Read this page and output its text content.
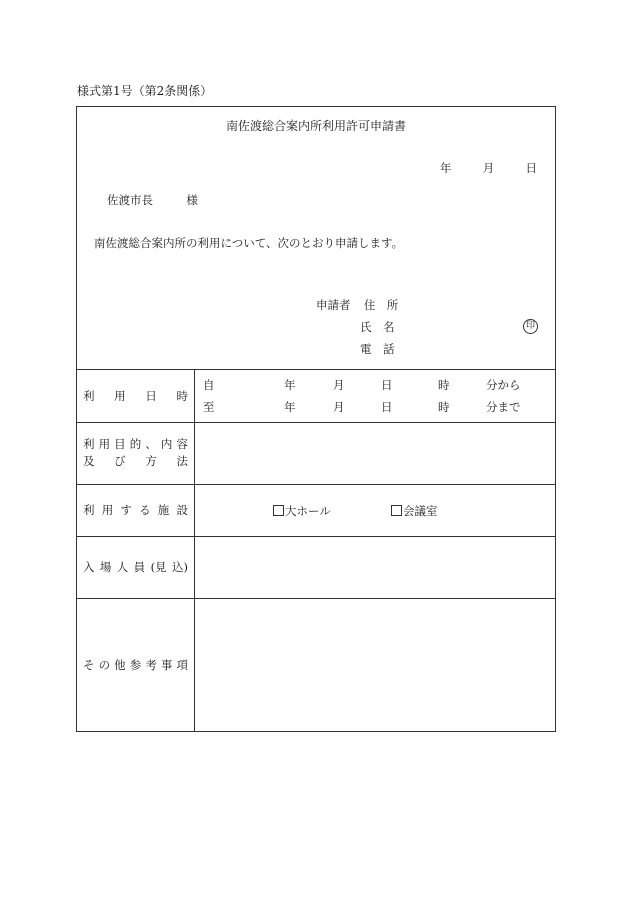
様式第1号（第2条関係）
南佐渡総合案内所利用許可申請書
年	月	日
佐渡市長	様
南佐渡総合案内所の利用について、次のとおり申請します。
申請者 住　所
氏　名
電　話
印
利 用 日 時
自	年	月	日	時	分から
至	年	月	日	時	分まで
利 用 目 的 、 内 容
及 び 方 法
利 用 す る 施 設	大ホール	会議室
入 場 人 員 (見 込)
そ の 他 参 考 事 項
